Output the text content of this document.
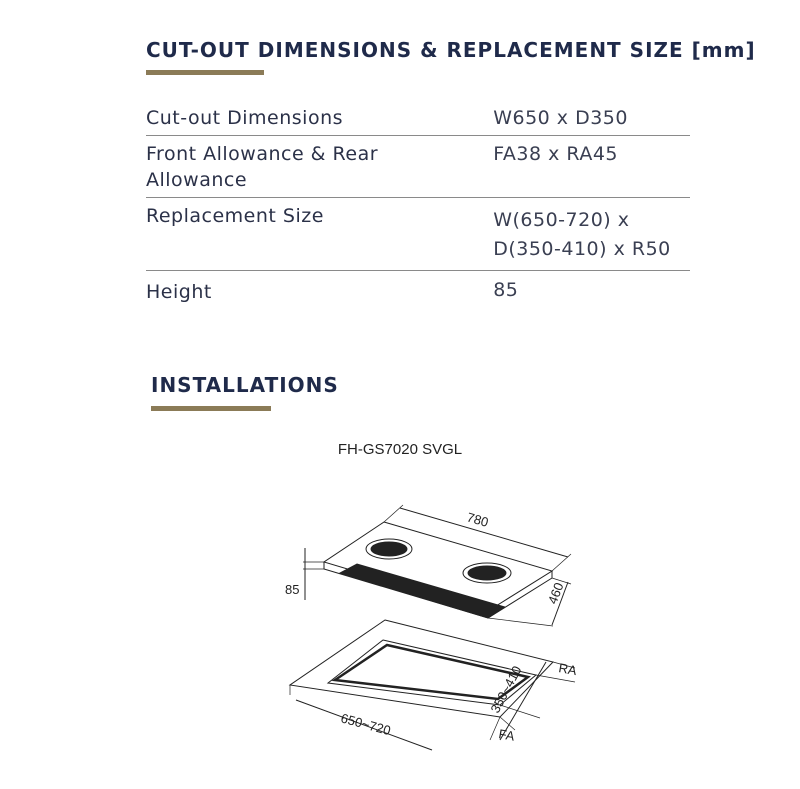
CUT-OUT DIMENSIONS & REPLACEMENT SIZE [mm]
Cut-out Dimensions	W650 x D350
Front Allowance & Rear Allowance	FA38 x RA45
Replacement Size	W(650-720) x D(350-410) x R50
Height	85
INSTALLATIONS
FH-GS7020 SVGL
780
460
85
650~720
350~410	RA
FA
